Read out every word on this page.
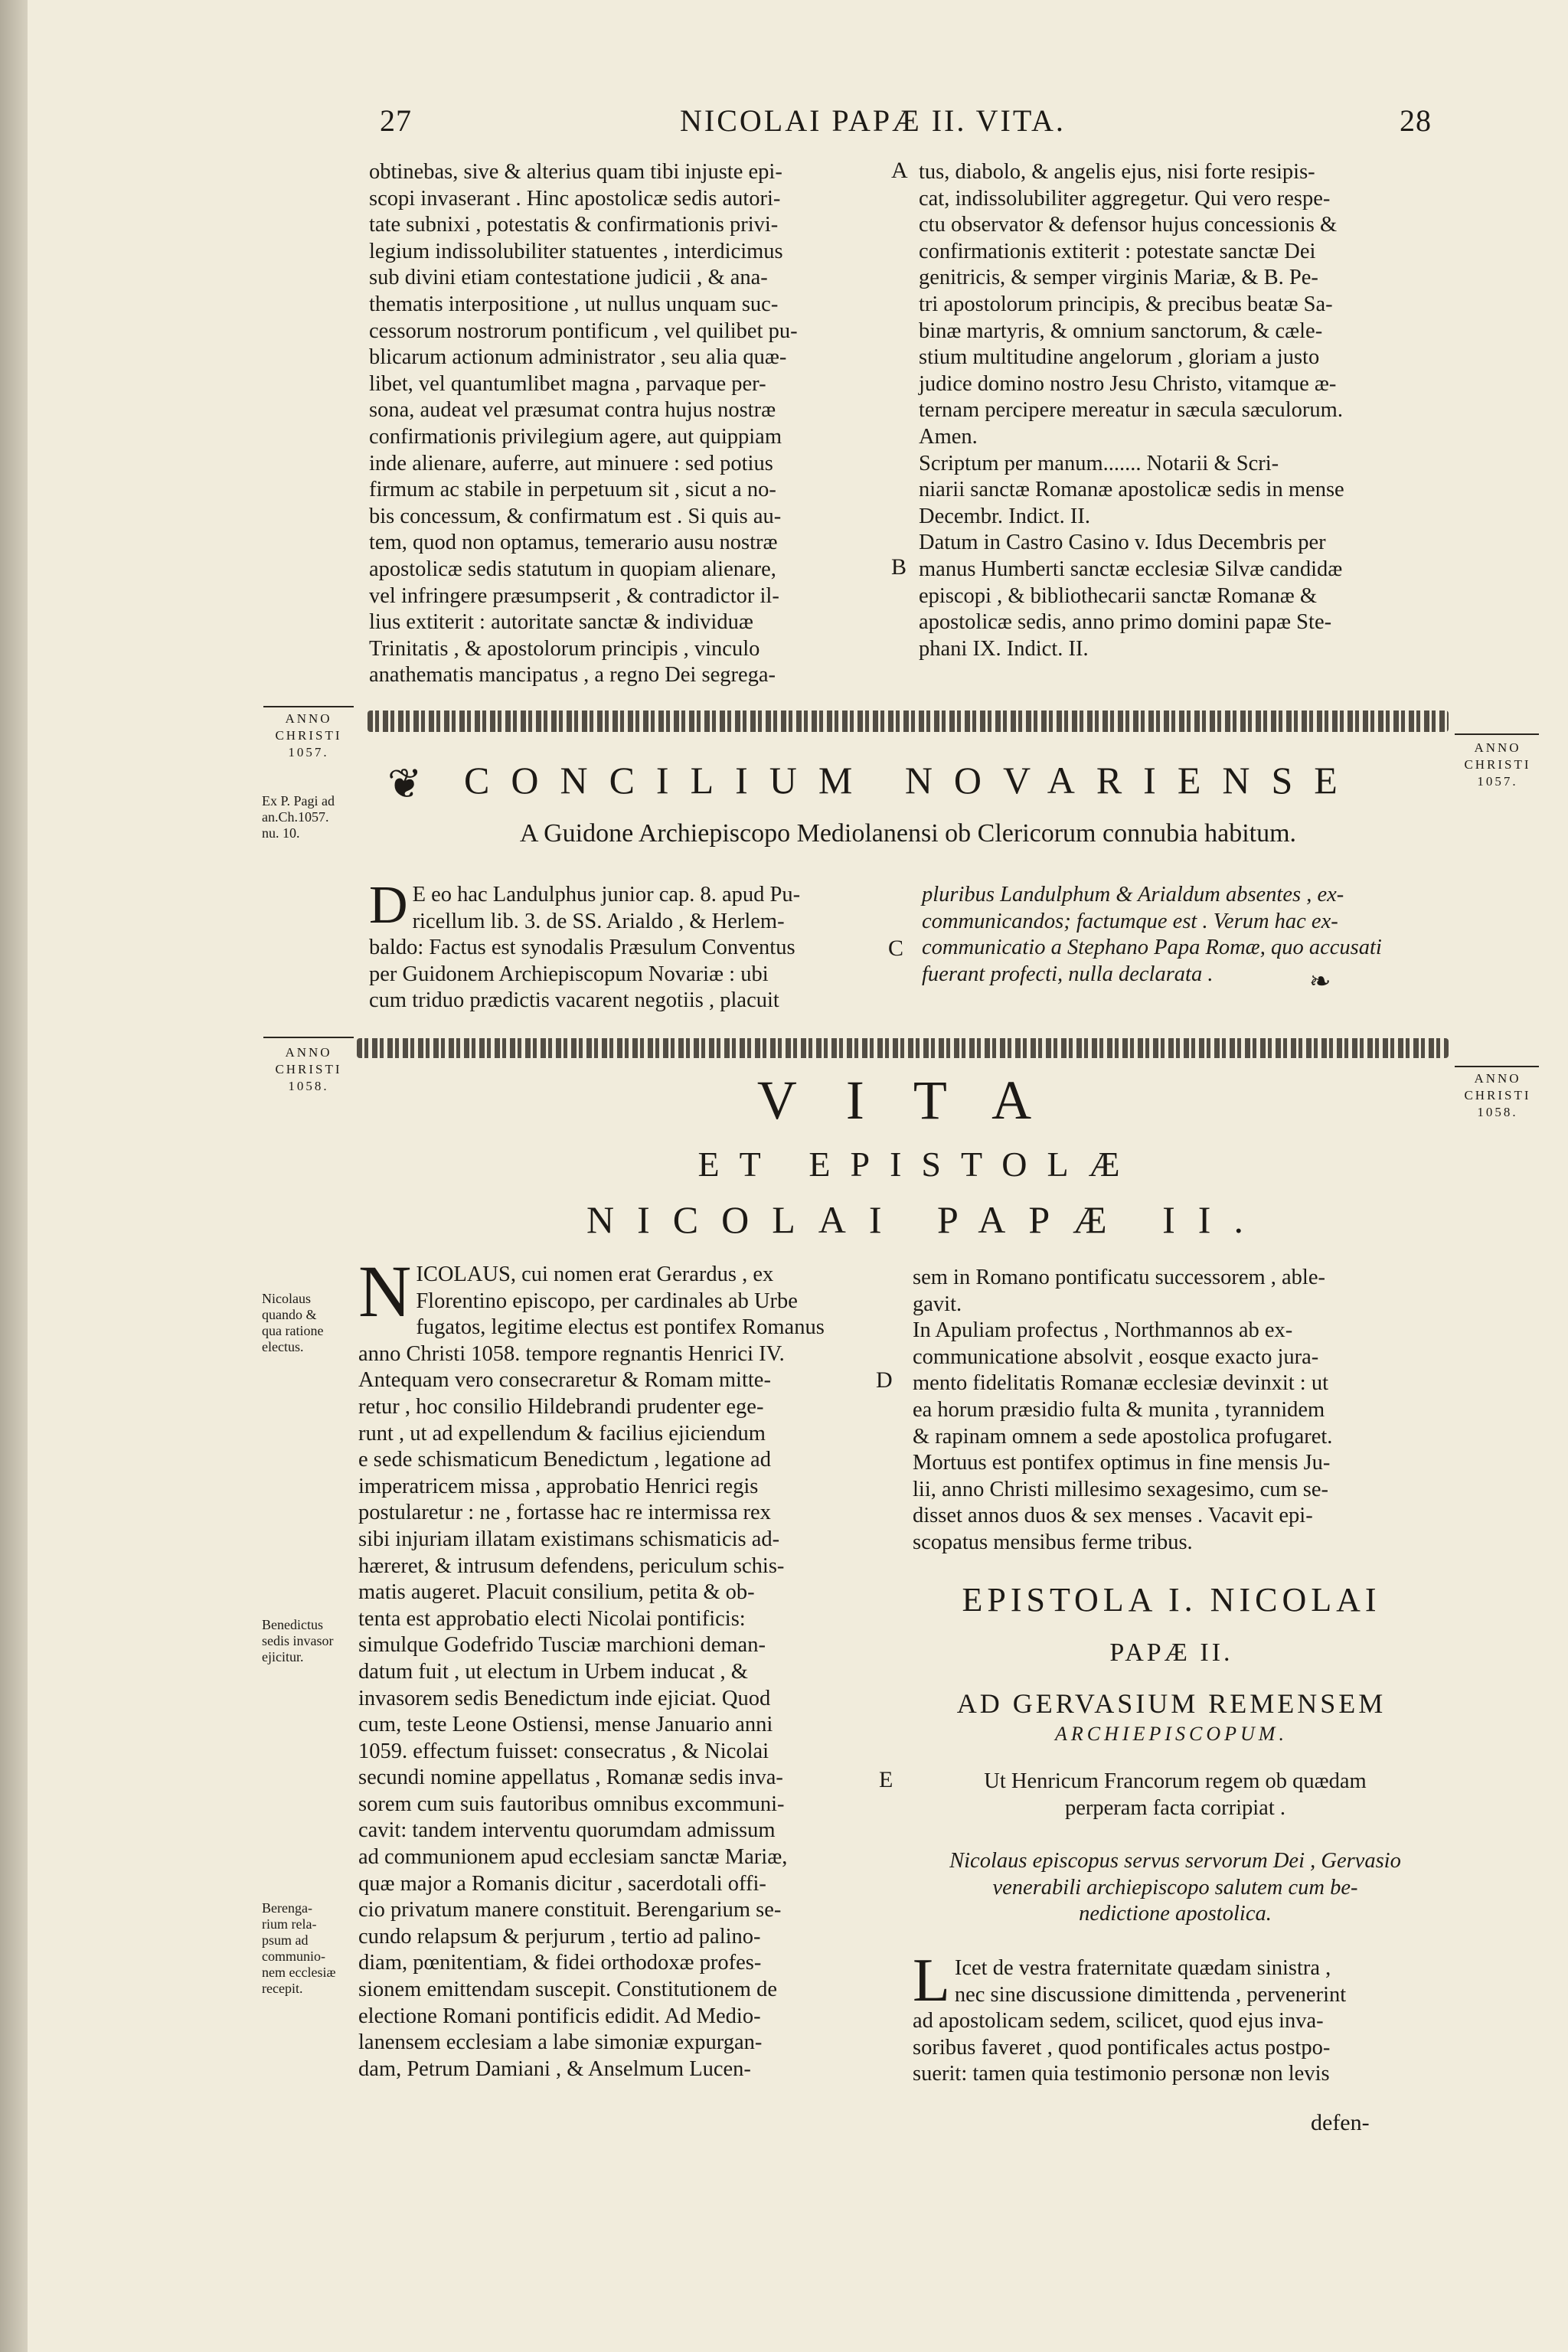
27	NICOLAI PAPÆ II. VITA.	28
obtinebas, sive & alterius quam tibi injuste epi-
scopi invaserant . Hinc apostolicæ sedis autori-
tate subnixi , potestatis & confirmationis privi-
legium indissolubiliter statuentes , interdicimus
sub divini etiam contestatione judicii , & ana-
thematis interpositione , ut nullus unquam suc-
cessorum nostrorum pontificum , vel quilibet pu-
blicarum actionum administrator , seu alia quæ-
libet, vel quantumlibet magna , parvaque per-
sona, audeat vel præsumat contra hujus nostræ
confirmationis privilegium agere, aut quippiam
inde alienare, auferre, aut minuere : sed potius
firmum ac stabile in perpetuum sit , sicut a no-
bis concessum, & confirmatum est . Si quis au-
tem, quod non optamus, temerario ausu nostræ
apostolicæ sedis statutum in quopiam alienare,
vel infringere præsumpserit , & contradictor il-
lius extiterit : autoritate sanctæ & individuæ
Trinitatis , & apostolorum principis , vinculo
anathematis mancipatus , a regno Dei segrega-
tus, diabolo, & angelis ejus, nisi forte resipis-
cat, indissolubiliter aggregetur. Qui vero respe-
ctu observator & defensor hujus concessionis &
confirmationis extiterit : potestate sanctæ Dei
genitricis, & semper virginis Mariæ, & B. Pe-
tri apostolorum principis, & precibus beatæ Sa-
binæ martyris, & omnium sanctorum, & cæle-
stium multitudine angelorum , gloriam a justo
judice domino nostro Jesu Christo, vitamque æ-
ternam percipere mereatur in sæcula sæculorum.
Amen.
Scriptum per manum....... Notarii & Scri-
niarii sanctæ Romanæ apostolicæ sedis in mense
Decembr. Indict. II.
Datum in Castro Casino v. Idus Decembris per
manus Humberti sanctæ ecclesiæ Silvæ candidæ
episcopi , & bibliothecarii sanctæ Romanæ &
apostolicæ sedis, anno primo domini papæ Ste-
phani IX. Indict. II.
A
B
ANNO
CHRISTI
1057.
Ex P. Pagi ad
an.Ch.1057.
nu. 10.
ANNO
CHRISTI
1057.
❦ CONCILIUM NOVARIENSE
A Guidone Archiepiscopo Mediolanensi ob Clericorum connubia habitum.
D E eo hac Landulphus junior cap. 8. apud Pu-
ricellum lib. 3. de SS. Arialdo , & Herlem-
baldo: Factus est synodalis Præsulum Conventus
per Guidonem Archiepiscopum Novariæ : ubi
cum triduo prædictis vacarent negotiis , placuit
pluribus Landulphum & Arialdum absentes , ex-
communicandos; factumque est . Verum hac ex-
communicatio a Stephano Papa Romæ, quo accusati
fuerant profecti, nulla declarata .
C
❧
ANNO
CHRISTI
1058.
ANNO
CHRISTI
1058.
VITA
ET EPISTOLÆ
NICOLAI PAPÆ II.
Nicolaus
quando &
qua ratione
electus.
Benedictus
sedis invasor
ejicitur.
Berenga-
rium rela-
psum ad
communio-
nem ecclesiæ
recepit.
N ICOLAUS, cui nomen erat Gerardus , ex
Florentino episcopo, per cardinales ab Urbe
fugatos, legitime electus est pontifex Romanus
anno Christi 1058. tempore regnantis Henrici IV.
Antequam vero consecraretur & Romam mitte-
retur , hoc consilio Hildebrandi prudenter ege-
runt , ut ad expellendum & facilius ejiciendum
e sede schismaticum Benedictum , legatione ad
imperatricem missa , approbatio Henrici regis
postularetur : ne , fortasse hac re intermissa rex
sibi injuriam illatam existimans schismaticis ad-
hæreret, & intrusum defendens, periculum schis-
matis augeret. Placuit consilium, petita & ob-
tenta est approbatio electi Nicolai pontificis:
simulque Godefrido Tusciæ marchioni deman-
datum fuit , ut electum in Urbem inducat , &
invasorem sedis Benedictum inde ejiciat. Quod
cum, teste Leone Ostiensi, mense Januario anni
1059. effectum fuisset: consecratus , & Nicolai
secundi nomine appellatus , Romanæ sedis inva-
sorem cum suis fautoribus omnibus excommuni-
cavit: tandem interventu quorumdam admissum
ad communionem apud ecclesiam sanctæ Mariæ,
quæ major a Romanis dicitur , sacerdotali offi-
cio privatum manere constituit. Berengarium se-
cundo relapsum & perjurum , tertio ad palino-
diam, pœnitentiam, & fidei orthodoxæ profes-
sionem emittendam suscepit. Constitutionem de
electione Romani pontificis edidit. Ad Medio-
lanensem ecclesiam a labe simoniæ expurgan-
dam, Petrum Damiani , & Anselmum Lucen-
D
E
sem in Romano pontificatu successorem , able-
gavit.
In Apuliam profectus , Northmannos ab ex-
communicatione absolvit , eosque exacto jura-
mento fidelitatis Romanæ ecclesiæ devinxit : ut
ea horum præsidio fulta & munita , tyrannidem
& rapinam omnem a sede apostolica profugaret.
Mortuus est pontifex optimus in fine mensis Ju-
lii, anno Christi millesimo sexagesimo, cum se-
disset annos duos & sex menses . Vacavit epi-
scopatus mensibus ferme tribus.
EPISTOLA I. NICOLAI
PAPÆ II.
AD GERVASIUM REMENSEM
ARCHIEPISCOPUM.
Ut Henricum Francorum regem ob quædam
perperam facta corripiat .
Nicolaus episcopus servus servorum Dei , Gervasio
venerabili archiepiscopo salutem cum be-
nedictione apostolica.
L Icet de vestra fraternitate quædam sinistra ,
nec sine discussione dimittenda , pervenerint
ad apostolicam sedem, scilicet, quod ejus inva-
soribus faveret , quod pontificales actus postpo-
suerit: tamen quia testimonio personæ non levis
defen-
